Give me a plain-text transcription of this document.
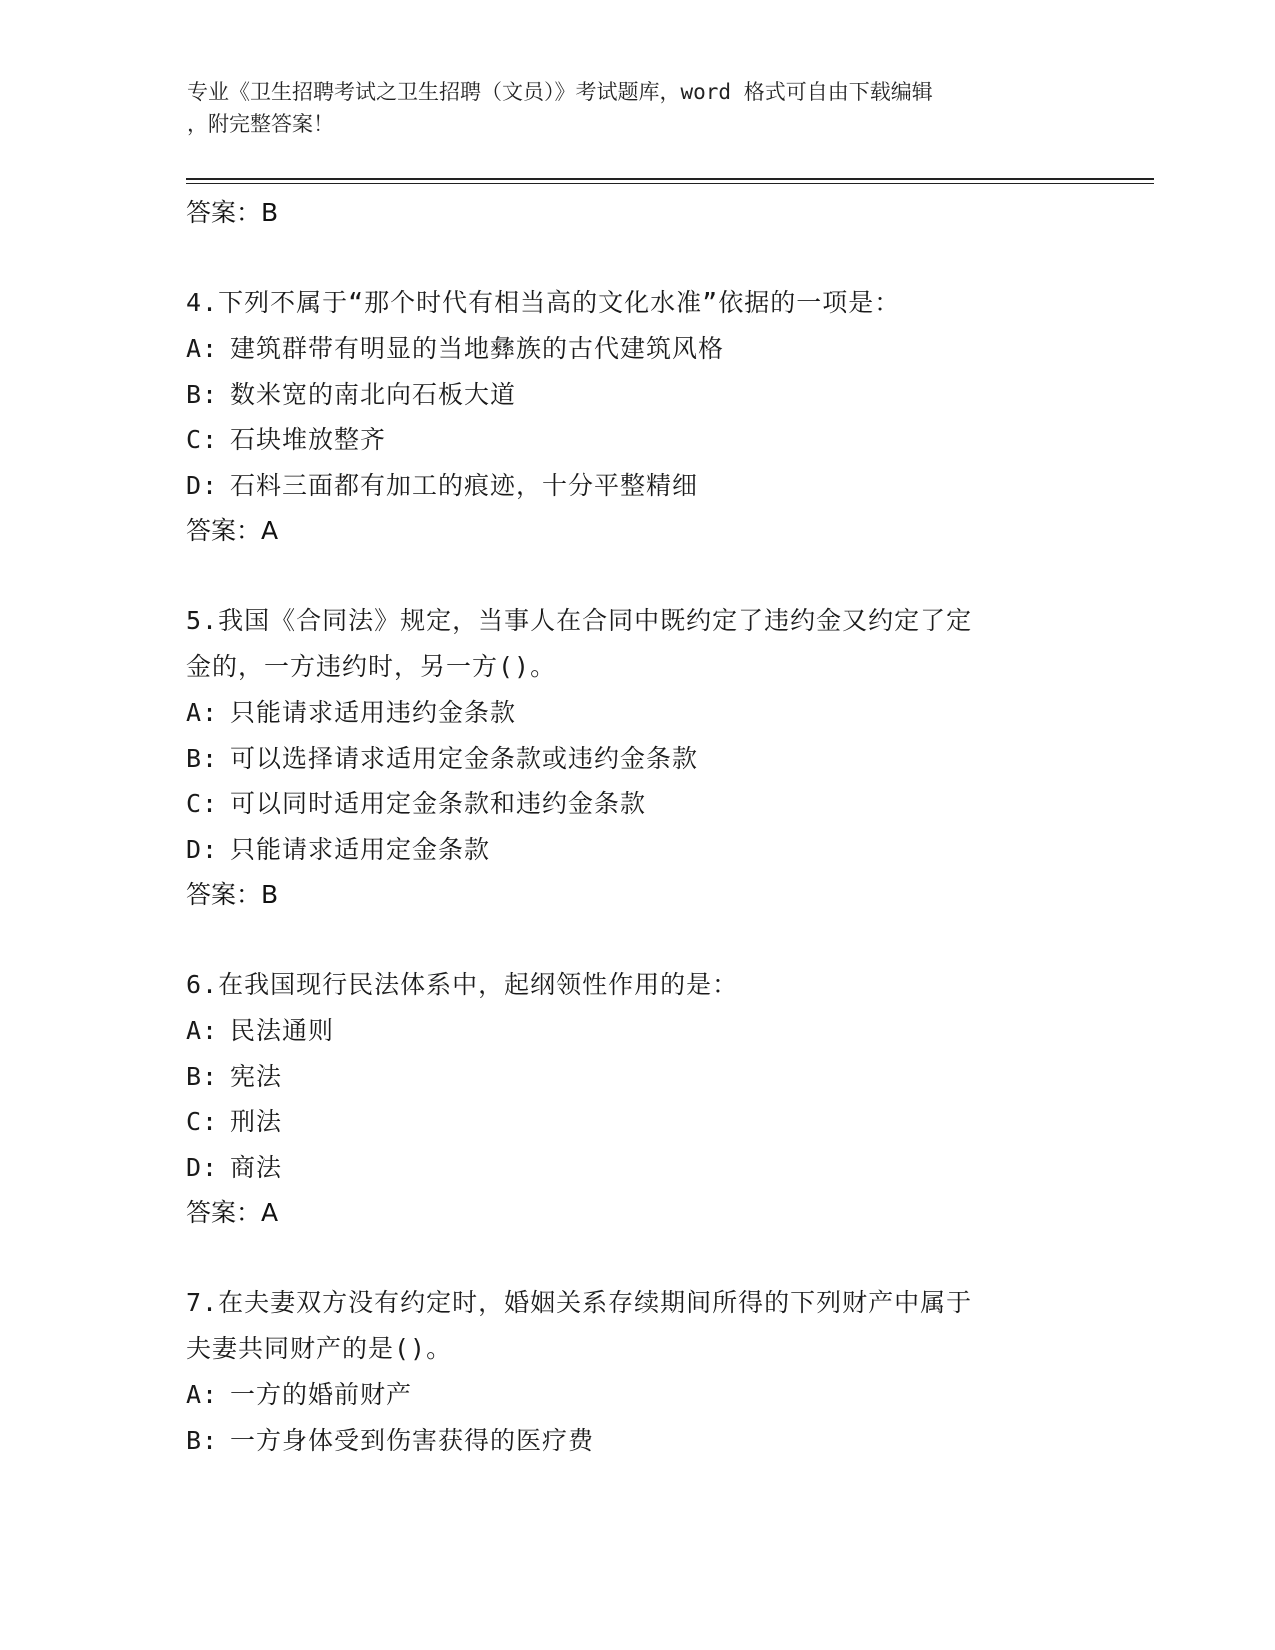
专业《卫生招聘考试之卫生招聘（文员）》考试题库，word 格式可自由下载编辑
，附完整答案！
答案：B
4.下列不属于“那个时代有相当高的文化水准”依据的一项是：
A: 建筑群带有明显的当地彝族的古代建筑风格
B: 数米宽的南北向石板大道
C: 石块堆放整齐
D: 石料三面都有加工的痕迹，十分平整精细
答案：A
5.我国《合同法》规定，当事人在合同中既约定了违约金又约定了定
金的，一方违约时，另一方()。
A: 只能请求适用违约金条款
B: 可以选择请求适用定金条款或违约金条款
C: 可以同时适用定金条款和违约金条款
D: 只能请求适用定金条款
答案：B
6.在我国现行民法体系中，起纲领性作用的是：
A: 民法通则
B: 宪法
C: 刑法
D: 商法
答案：A
7.在夫妻双方没有约定时，婚姻关系存续期间所得的下列财产中属于
夫妻共同财产的是()。
A: 一方的婚前财产
B: 一方身体受到伤害获得的医疗费
